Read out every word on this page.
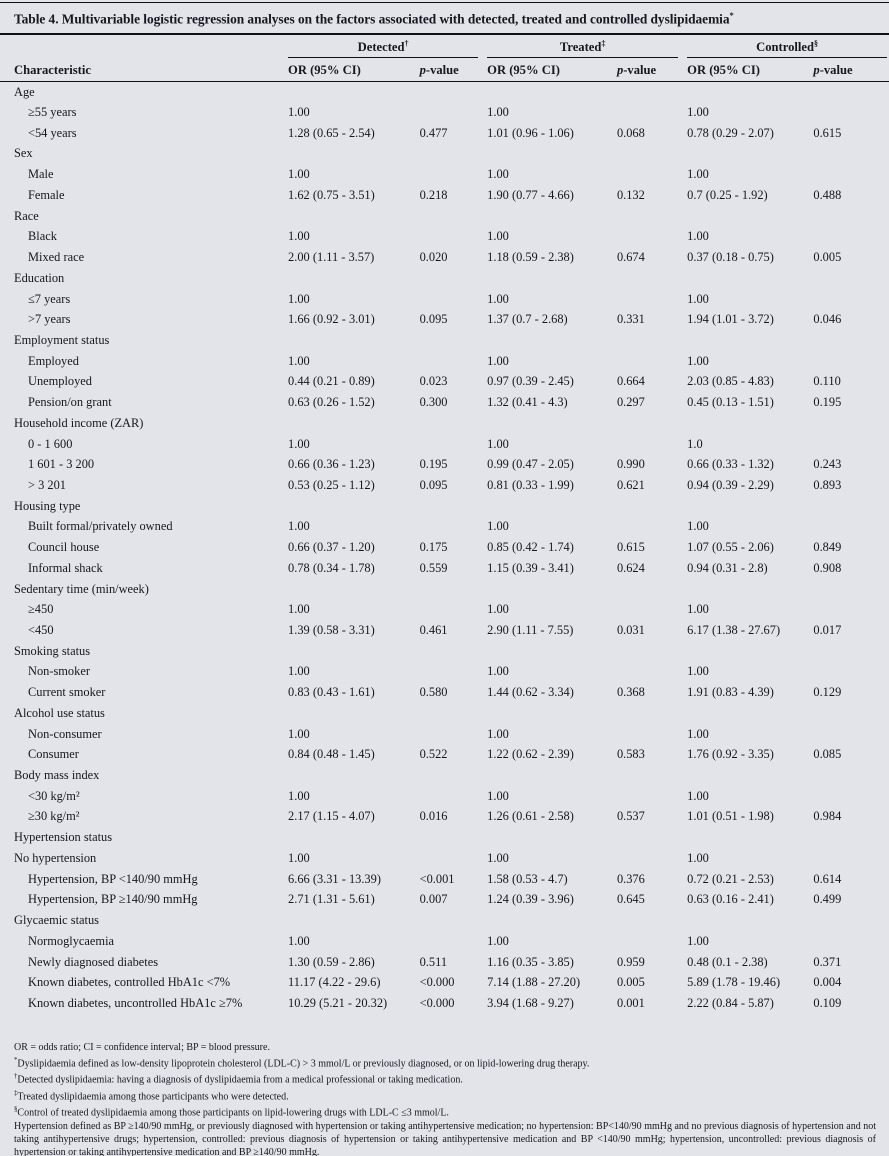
Table 4. Multivariable logistic regression analyses on the factors associated with detected, treated and controlled dyslipidaemia*

	Detected†		Treated‡		Controlled§

Characteristic	OR (95% CI)	p-value	OR (95% CI)	p-value	OR (95% CI)	p-value
Age						
≥55 years	1.00		1.00		1.00	
<54 years	1.28 (0.65 - 2.54)	0.477	1.01 (0.96 - 1.06)	0.068	0.78 (0.29 - 2.07)	0.615
Sex						
Male	1.00		1.00		1.00	
Female	1.62 (0.75 - 3.51)	0.218	1.90 (0.77 - 4.66)	0.132	0.7 (0.25 - 1.92)	0.488
Race						
Black	1.00		1.00		1.00	
Mixed race	2.00 (1.11 - 3.57)	0.020	1.18 (0.59 - 2.38)	0.674	0.37 (0.18 - 0.75)	0.005
Education						
≤7 years	1.00		1.00		1.00	
>7 years	1.66 (0.92 - 3.01)	0.095	1.37 (0.7 - 2.68)	0.331	1.94 (1.01 - 3.72)	0.046
Employment status						
Employed	1.00		1.00		1.00	
Unemployed	0.44 (0.21 - 0.89)	0.023	0.97 (0.39 - 2.45)	0.664	2.03 (0.85 - 4.83)	0.110
Pension/on grant	0.63 (0.26 - 1.52)	0.300	1.32 (0.41 - 4.3)	0.297	0.45 (0.13 - 1.51)	0.195
Household income (ZAR)						
0 - 1 600	1.00		1.00		1.0	
1 601 - 3 200	0.66 (0.36 - 1.23)	0.195	0.99 (0.47 - 2.05)	0.990	0.66 (0.33 - 1.32)	0.243
> 3 201	0.53 (0.25 - 1.12)	0.095	0.81 (0.33 - 1.99)	0.621	0.94 (0.39 - 2.29)	0.893
Housing type						
Built formal/privately owned	1.00		1.00		1.00	
Council house	0.66 (0.37 - 1.20)	0.175	0.85 (0.42 - 1.74)	0.615	1.07 (0.55 - 2.06)	0.849
Informal shack	0.78 (0.34 - 1.78)	0.559	1.15 (0.39 - 3.41)	0.624	0.94 (0.31 - 2.8)	0.908
Sedentary time (min/week)						
≥450	1.00		1.00		1.00	
<450	1.39 (0.58 - 3.31)	0.461	2.90 (1.11 - 7.55)	0.031	6.17 (1.38 - 27.67)	0.017
Smoking status						
Non-smoker	1.00		1.00		1.00	
Current smoker	0.83 (0.43 - 1.61)	0.580	1.44 (0.62 - 3.34)	0.368	1.91 (0.83 - 4.39)	0.129
Alcohol use status						
Non-consumer	1.00		1.00		1.00	
Consumer	0.84 (0.48 - 1.45)	0.522	1.22 (0.62 - 2.39)	0.583	1.76 (0.92 - 3.35)	0.085
Body mass index						
<30 kg/m²	1.00		1.00		1.00	
≥30 kg/m²	2.17 (1.15 - 4.07)	0.016	1.26 (0.61 - 2.58)	0.537	1.01 (0.51 - 1.98)	0.984
Hypertension status						
No hypertension	1.00		1.00		1.00	
Hypertension, BP <140/90 mmHg	6.66 (3.31 - 13.39)	<0.001	1.58 (0.53 - 4.7)	0.376	0.72 (0.21 - 2.53)	0.614
Hypertension, BP ≥140/90 mmHg	2.71 (1.31 - 5.61)	0.007	1.24 (0.39 - 3.96)	0.645	0.63 (0.16 - 2.41)	0.499
Glycaemic status						
Normoglycaemia	1.00		1.00		1.00	
Newly diagnosed diabetes	1.30 (0.59 - 2.86)	0.511	1.16 (0.35 - 3.85)	0.959	0.48 (0.1 - 2.38)	0.371
Known diabetes, controlled HbA1c <7%	11.17 (4.22 - 29.6)	<0.000	7.14 (1.88 - 27.20)	0.005	5.89 (1.78 - 19.46)	0.004
Known diabetes, uncontrolled HbA1c ≥7%	10.29 (5.21 - 20.32)	<0.000	3.94 (1.68 - 9.27)	0.001	2.22 (0.84 - 5.87)	0.109

OR = odds ratio; CI = confidence interval; BP = blood pressure.

*Dyslipidaemia defined as low-density lipoprotein cholesterol (LDL-C) > 3 mmol/L or previously diagnosed, or on lipid-lowering drug therapy.

†Detected dyslipidaemia: having a diagnosis of dyslipidaemia from a medical professional or taking medication.

‡Treated dyslipidaemia among those participants who were detected.

§Control of treated dyslipidaemia among those participants on lipid-lowering drugs with LDL-C ≤3 mmol/L.

Hypertension defined as BP ≥140/90 mmHg, or previously diagnosed with hypertension or taking antihypertensive medication; no hypertension: BP<140/90 mmHg and no previous diagnosis of hypertension and not taking antihypertensive drugs; hypertension, controlled: previous diagnosis of hypertension or taking antihypertensive medication and BP <140/90 mmHg; hypertension, uncontrolled: previous diagnosis of hypertension or taking antihypertensive medication and BP ≥140/90 mmHg.
